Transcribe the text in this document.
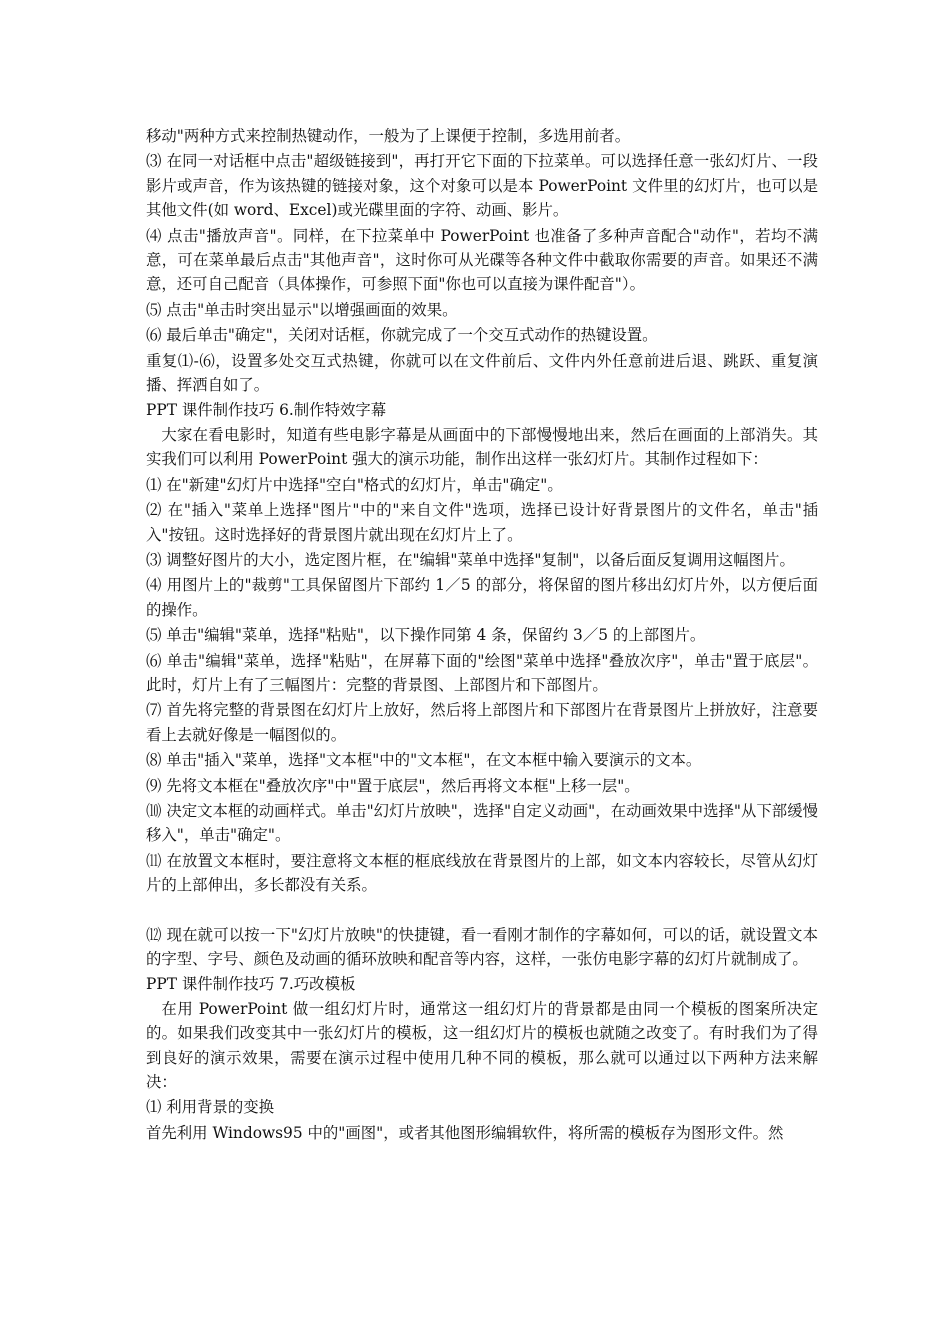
移动"两种方式来控制热键动作，一般为了上课便于控制，多选用前者。

⑶ 在同一对话框中点击"超级链接到"，再打开它下面的下拉菜单。可以选择任意一张幻灯片、一段影片或声音，作为该热键的链接对象，这个对象可以是本 PowerPoint 文件里的幻灯片，也可以是其他文件(如 word、Excel)或光碟里面的字符、动画、影片。

⑷ 点击"播放声音"。同样，在下拉菜单中 PowerPoint 也准备了多种声音配合"动作"，若均不满意，可在菜单最后点击"其他声音"，这时你可从光碟等各种文件中截取你需要的声音。如果还不满意，还可自己配音（具体操作，可参照下面"你也可以直接为课件配音"）。

⑸ 点击"单击时突出显示"以增强画面的效果。

⑹ 最后单击"确定"，关闭对话框，你就完成了一个交互式动作的热键设置。

重复⑴-⑹，设置多处交互式热键，你就可以在文件前后、文件内外任意前进后退、跳跃、重复演播、挥洒自如了。

PPT 课件制作技巧 6.制作特效字幕

大家在看电影时，知道有些电影字幕是从画面中的下部慢慢地出来，然后在画面的上部消失。其实我们可以利用 PowerPoint 强大的演示功能，制作出这样一张幻灯片。其制作过程如下：

⑴ 在"新建"幻灯片中选择"空白"格式的幻灯片，单击"确定"。

⑵ 在"插入"菜单上选择"图片"中的"来自文件"选项，选择已设计好背景图片的文件名，单击"插入"按钮。这时选择好的背景图片就出现在幻灯片上了。

⑶ 调整好图片的大小，选定图片框，在"编辑"菜单中选择"复制"，以备后面反复调用这幅图片。

⑷ 用图片上的"裁剪"工具保留图片下部约 1／5 的部分，将保留的图片移出幻灯片外，以方便后面的操作。

⑸ 单击"编辑"菜单，选择"粘贴"，以下操作同第 4 条，保留约 3／5 的上部图片。

⑹ 单击"编辑"菜单，选择"粘贴"，在屏幕下面的"绘图"菜单中选择"叠放次序"，单击"置于底层"。此时，灯片上有了三幅图片：完整的背景图、上部图片和下部图片。

⑺ 首先将完整的背景图在幻灯片上放好，然后将上部图片和下部图片在背景图片上拼放好，注意要看上去就好像是一幅图似的。

⑻ 单击"插入"菜单，选择"文本框"中的"文本框"，在文本框中输入要演示的文本。

⑼ 先将文本框在"叠放次序"中"置于底层"，然后再将文本框"上移一层"。

⑽ 决定文本框的动画样式。单击"幻灯片放映"，选择"自定义动画"，在动画效果中选择"从下部缓慢移入"，单击"确定"。

⑾ 在放置文本框时，要注意将文本框的框底线放在背景图片的上部，如文本内容较长，尽管从幻灯片的上部伸出，多长都没有关系。

⑿ 现在就可以按一下"幻灯片放映"的快捷键，看一看刚才制作的字幕如何，可以的话，就设置文本的字型、字号、颜色及动画的循环放映和配音等内容，这样，一张仿电影字幕的幻灯片就制成了。

PPT 课件制作技巧 7.巧改模板

在用 PowerPoint 做一组幻灯片时，通常这一组幻灯片的背景都是由同一个模板的图案所决定的。如果我们改变其中一张幻灯片的模板，这一组幻灯片的模板也就随之改变了。有时我们为了得到良好的演示效果，需要在演示过程中使用几种不同的模板，那么就可以通过以下两种方法来解决：

⑴ 利用背景的变换

首先利用 Windows95 中的"画图"，或者其他图形编辑软件，将所需的模板存为图形文件。然
